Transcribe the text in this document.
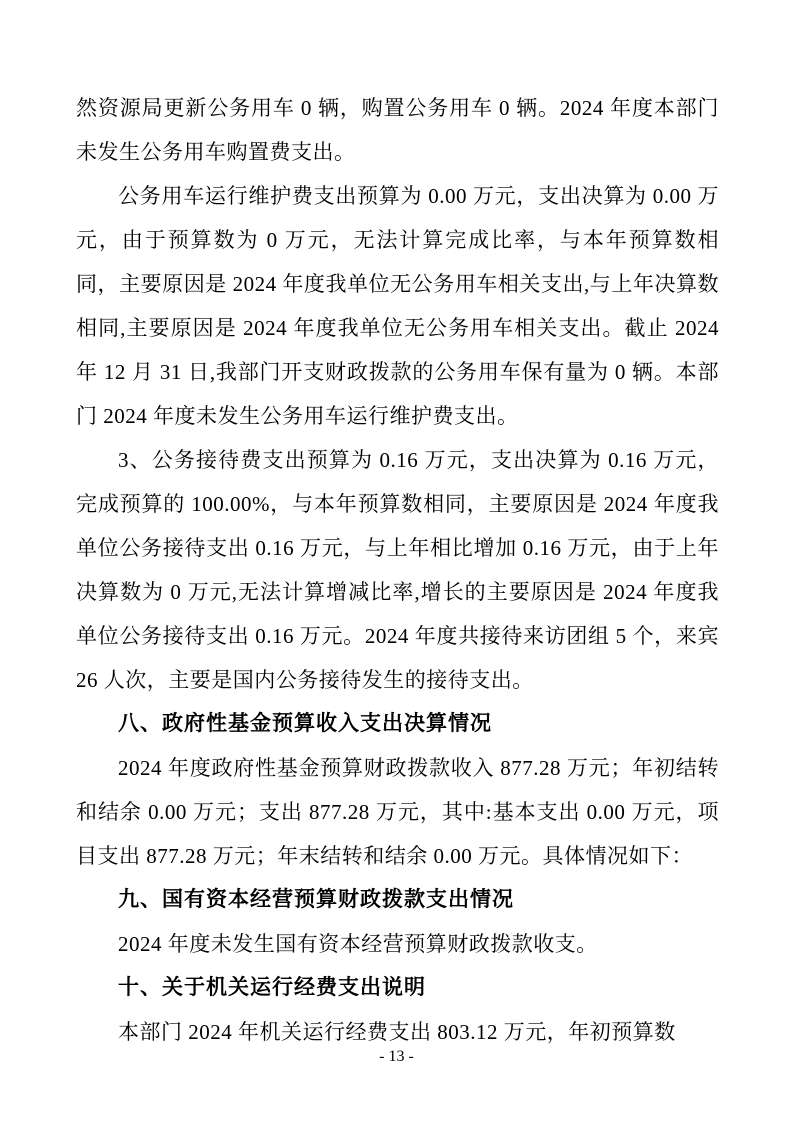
然资源局更新公务用车 0 辆，购置公务用车 0 辆。2024 年度本部门未发生公务用车购置费支出。

公务用车运行维护费支出预算为 0.00 万元，支出决算为 0.00 万元，由于预算数为 0 万元，无法计算完成比率，与本年预算数相同，主要原因是 2024 年度我单位无公务用车相关支出,与上年决算数相同,主要原因是 2024 年度我单位无公务用车相关支出。截止 2024 年 12 月 31 日,我部门开支财政拨款的公务用车保有量为 0 辆。本部门 2024 年度未发生公务用车运行维护费支出。

3、公务接待费支出预算为 0.16 万元，支出决算为 0.16 万元，完成预算的 100.00%，与本年预算数相同，主要原因是 2024 年度我单位公务接待支出 0.16 万元，与上年相比增加 0.16 万元，由于上年决算数为 0 万元,无法计算增减比率,增长的主要原因是 2024 年度我单位公务接待支出 0.16 万元。2024 年度共接待来访团组 5 个，来宾 26 人次，主要是国内公务接待发生的接待支出。

八、政府性基金预算收入支出决算情况

2024 年度政府性基金预算财政拨款收入 877.28 万元；年初结转和结余 0.00 万元；支出 877.28 万元，其中:基本支出 0.00 万元，项目支出 877.28 万元；年末结转和结余 0.00 万元。具体情况如下：

九、国有资本经营预算财政拨款支出情况

2024 年度未发生国有资本经营预算财政拨款收支。

十、关于机关运行经费支出说明

本部门 2024 年机关运行经费支出 803.12 万元，年初预算数

- 13 -
